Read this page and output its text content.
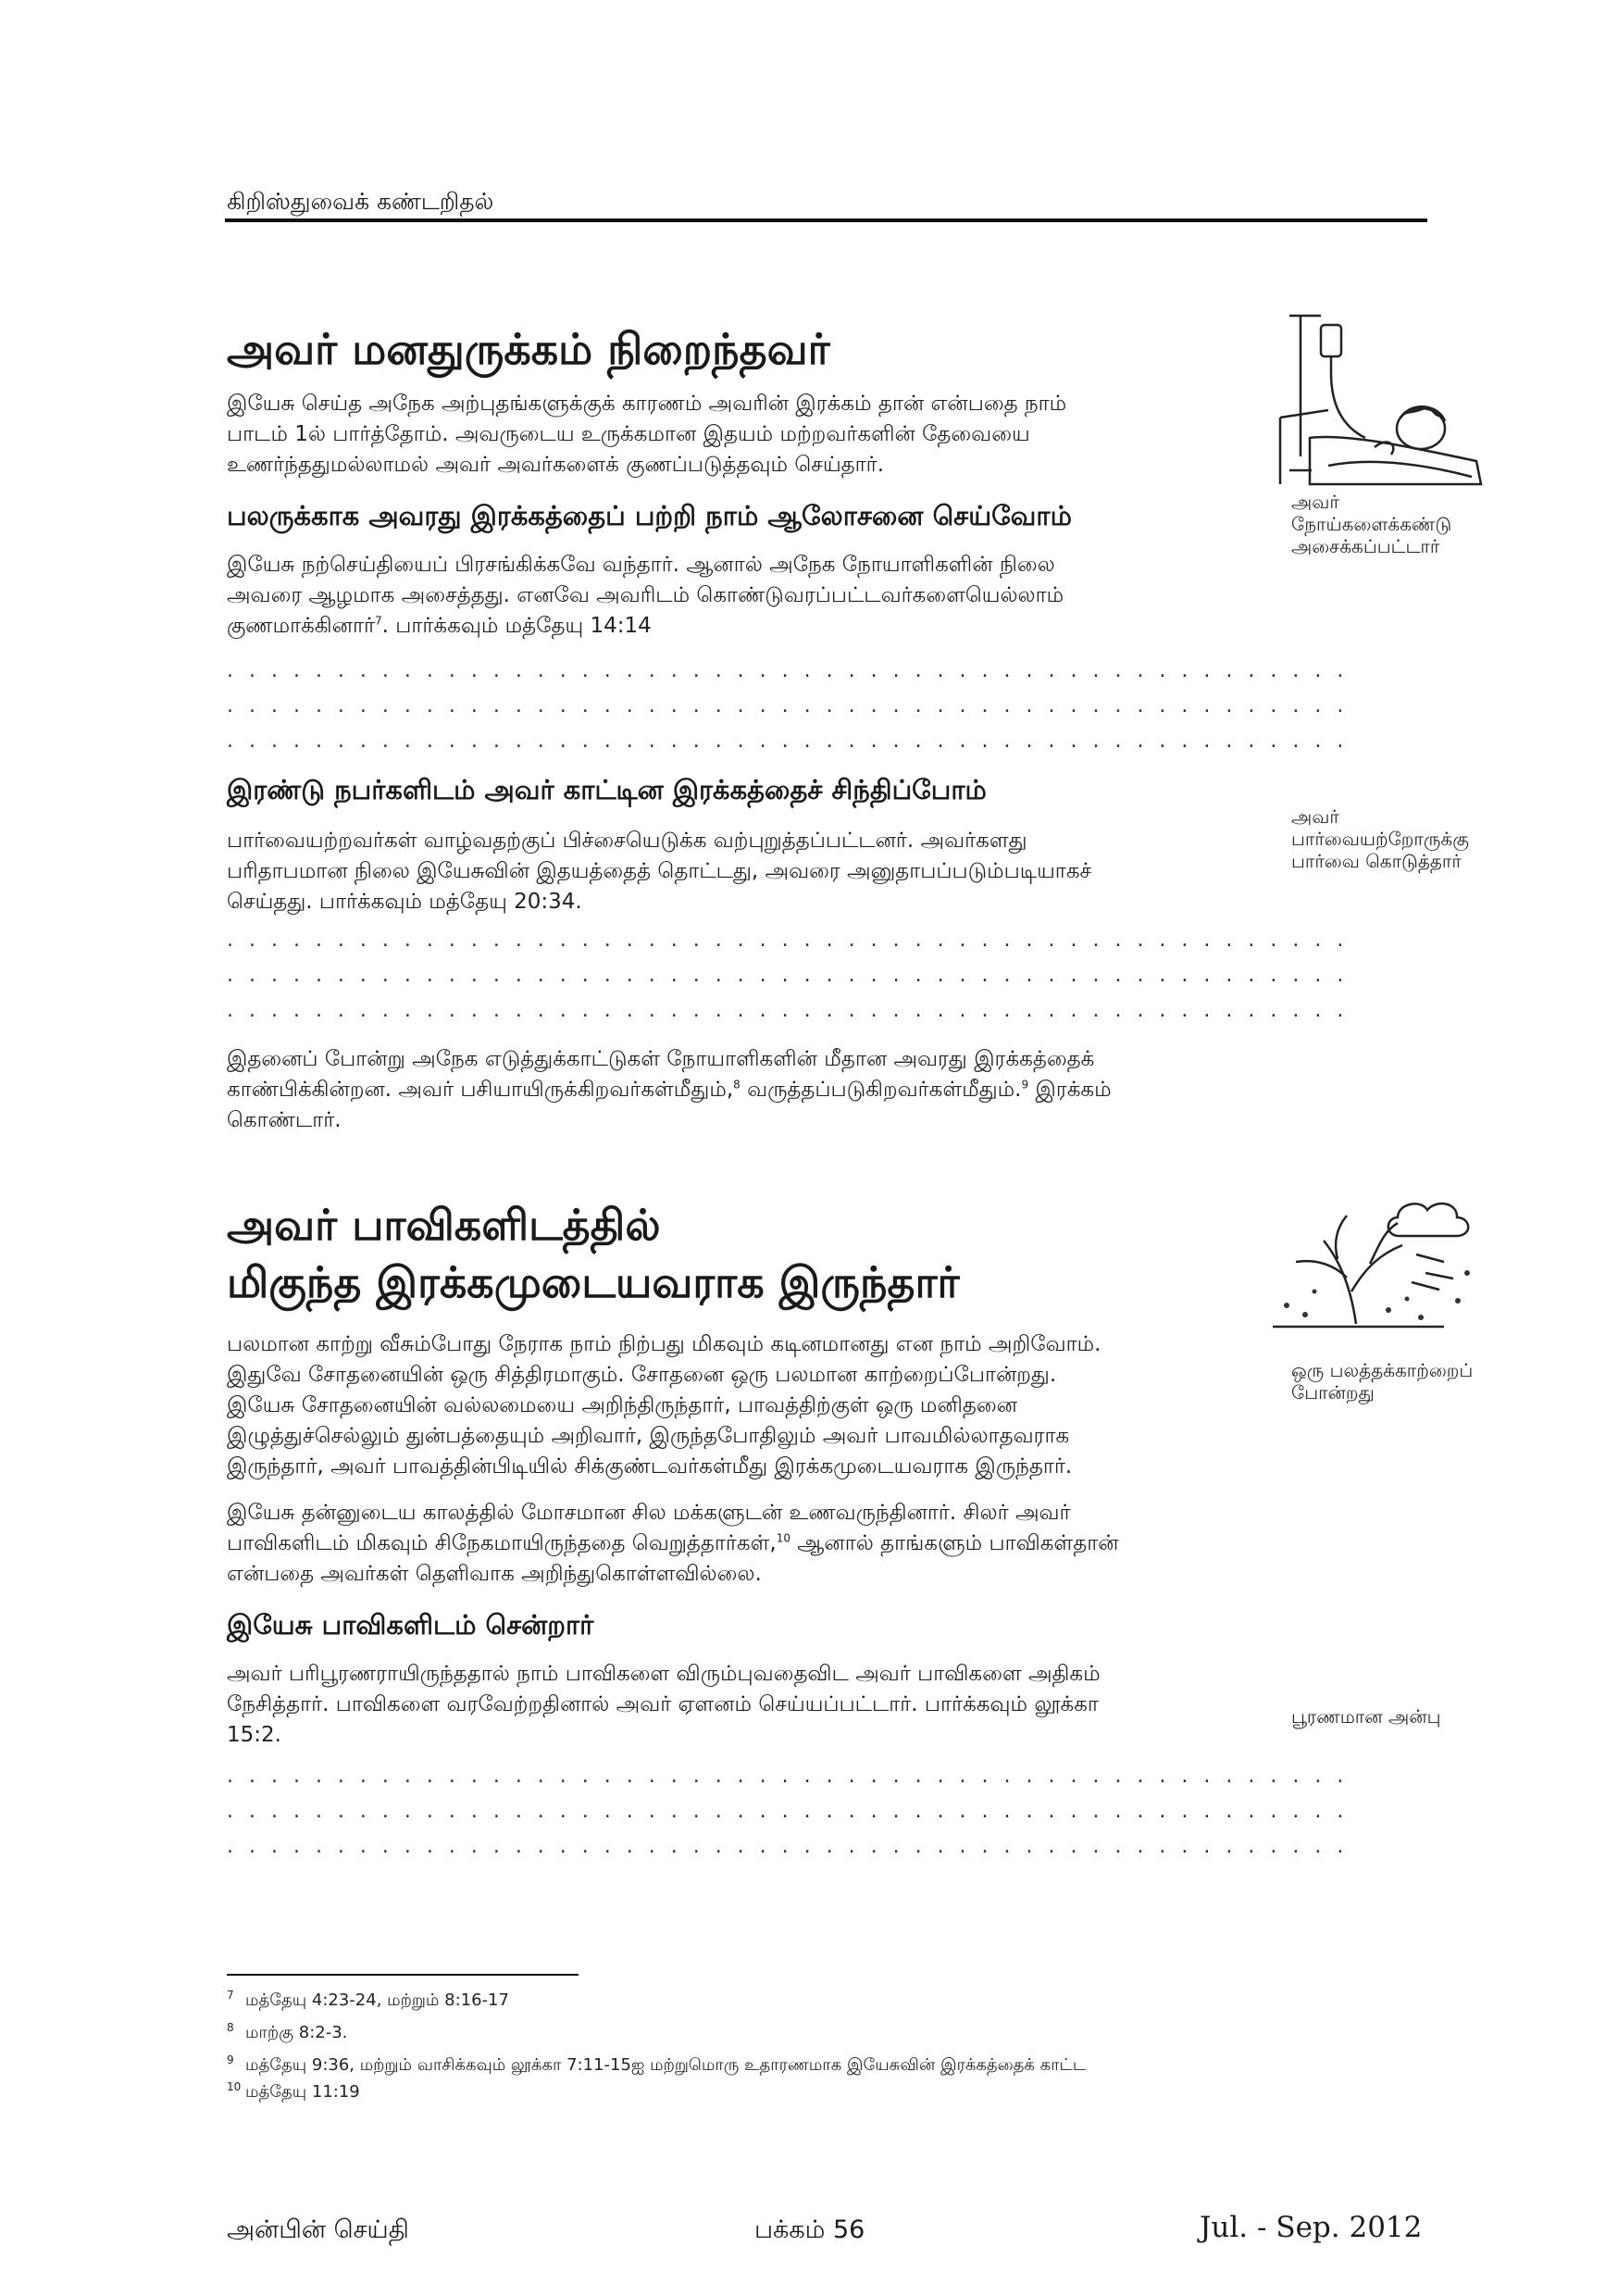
கிறிஸ்துவைக் கண்டறிதல்
அவர் மனதுருக்கம் நிறைந்தவர்
இயேசு செய்த அநேக அற்புதங்களுக்குக் காரணம் அவரின் இரக்கம் தான் என்பதை நாம்
பாடம் 1ல் பார்த்தோம். அவருடைய உருக்கமான இதயம் மற்றவர்களின் தேவையை
உணர்ந்ததுமல்லாமல் அவர் அவர்களைக் குணப்படுத்தவும் செய்தார்.
பலருக்காக அவரது இரக்கத்தைப் பற்றி நாம் ஆலோசனை செய்வோம்
இயேசு நற்செய்தியைப் பிரசங்கிக்கவே வந்தார். ஆனால் அநேக நோயாளிகளின் நிலை
அவரை ஆழமாக அசைத்தது. எனவே அவரிடம் கொண்டுவரப்பட்டவர்களையெல்லாம்
குணமாக்கினார்$^7$. பார்க்கவும் மத்தேயு 14:14
. . . . . . . . . . . . . . . . . . . . . . . . . . . . . . . . . . . . . . . . . . . . . . . . . . .
. . . . . . . . . . . . . . . . . . . . . . . . . . . . . . . . . . . . . . . . . . . . . . . . . . .
. . . . . . . . . . . . . . . . . . . . . . . . . . . . . . . . . . . . . . . . . . . . . . . . . . .
இரண்டு நபர்களிடம் அவர் காட்டின இரக்கத்தைச் சிந்திப்போம்
பார்வையற்றவர்கள் வாழ்வதற்குப் பிச்சையெடுக்க வற்புறுத்தப்பட்டனர். அவர்களது
பரிதாபமான நிலை இயேசுவின் இதயத்தைத் தொட்டது, அவரை அனுதாபப்படும்படியாகச்
செய்தது. பார்க்கவும் மத்தேயு 20:34.
. . . . . . . . . . . . . . . . . . . . . . . . . . . . . . . . . . . . . . . . . . . . . . . . . . .
. . . . . . . . . . . . . . . . . . . . . . . . . . . . . . . . . . . . . . . . . . . . . . . . . . .
. . . . . . . . . . . . . . . . . . . . . . . . . . . . . . . . . . . . . . . . . . . . . . . . . . .
இதனைப் போன்று அநேக எடுத்துக்காட்டுகள் நோயாளிகளின் மீதான அவரது இரக்கத்தைக்
காண்பிக்கின்றன. அவர் பசியாயிருக்கிறவர்கள்மீதும்,$^8$ வருத்தப்படுகிறவர்கள்மீதும்.$^9$ இரக்கம்
கொண்டார்.
அவர் பாவிகளிடத்தில்
மிகுந்த இரக்கமுடையவராக இருந்தார்
பலமான காற்று வீசும்போது நேராக நாம் நிற்பது மிகவும் கடினமானது என நாம் அறிவோம்.
இதுவே சோதனையின் ஒரு சித்திரமாகும். சோதனை ஒரு பலமான காற்றைப்போன்றது.
இயேசு சோதனையின் வல்லமையை அறிந்திருந்தார், பாவத்திற்குள் ஒரு மனிதனை
இழுத்துச்செல்லும் துன்பத்தையும் அறிவார், இருந்தபோதிலும் அவர் பாவமில்லாதவராக
இருந்தார், அவர் பாவத்தின்பிடியில் சிக்குண்டவர்கள்மீது இரக்கமுடையவராக இருந்தார்.
இயேசு தன்னுடைய காலத்தில் மோசமான சில மக்களுடன் உணவருந்தினார். சிலர் அவர்
பாவிகளிடம் மிகவும் சிநேகமாயிருந்ததை வெறுத்தார்கள்,$^{10}$ ஆனால் தாங்களும் பாவிகள்தான்
என்பதை அவர்கள் தெளிவாக அறிந்துகொள்ளவில்லை.
இயேசு பாவிகளிடம் சென்றார்
அவர் பரிபூரணராயிருந்ததால் நாம் பாவிகளை விரும்புவதைவிட அவர் பாவிகளை அதிகம்
நேசித்தார். பாவிகளை வரவேற்றதினால் அவர் ஏளனம் செய்யப்பட்டார். பார்க்கவும் லூக்கா
15:2.
. . . . . . . . . . . . . . . . . . . . . . . . . . . . . . . . . . . . . . . . . . . . . . . . . . .
. . . . . . . . . . . . . . . . . . . . . . . . . . . . . . . . . . . . . . . . . . . . . . . . . . .
. . . . . . . . . . . . . . . . . . . . . . . . . . . . . . . . . . . . . . . . . . . . . . . . . . .
அவர்
நோய்களைக்கண்டு
அசைக்கப்பட்டார்
அவர்
பார்வையற்றோருக்கு
பார்வை கொடுத்தார்
ஒரு பலத்தக்காற்றைப்
போன்றது
பூரணமான அன்பு
7 மத்தேயு 4:23-24, மற்றும் 8:16-17
8 மாற்கு 8:2-3.
9 மத்தேயு 9:36, மற்றும் வாசிக்கவும் லூக்கா 7:11-15ஐ மற்றுமொரு உதாரணமாக இயேசுவின் இரக்கத்தைக் காட்ட
10 மத்தேயு 11:19
அன்பின் செய்தி	பக்கம் 56	Jul. - Sep. 2012
